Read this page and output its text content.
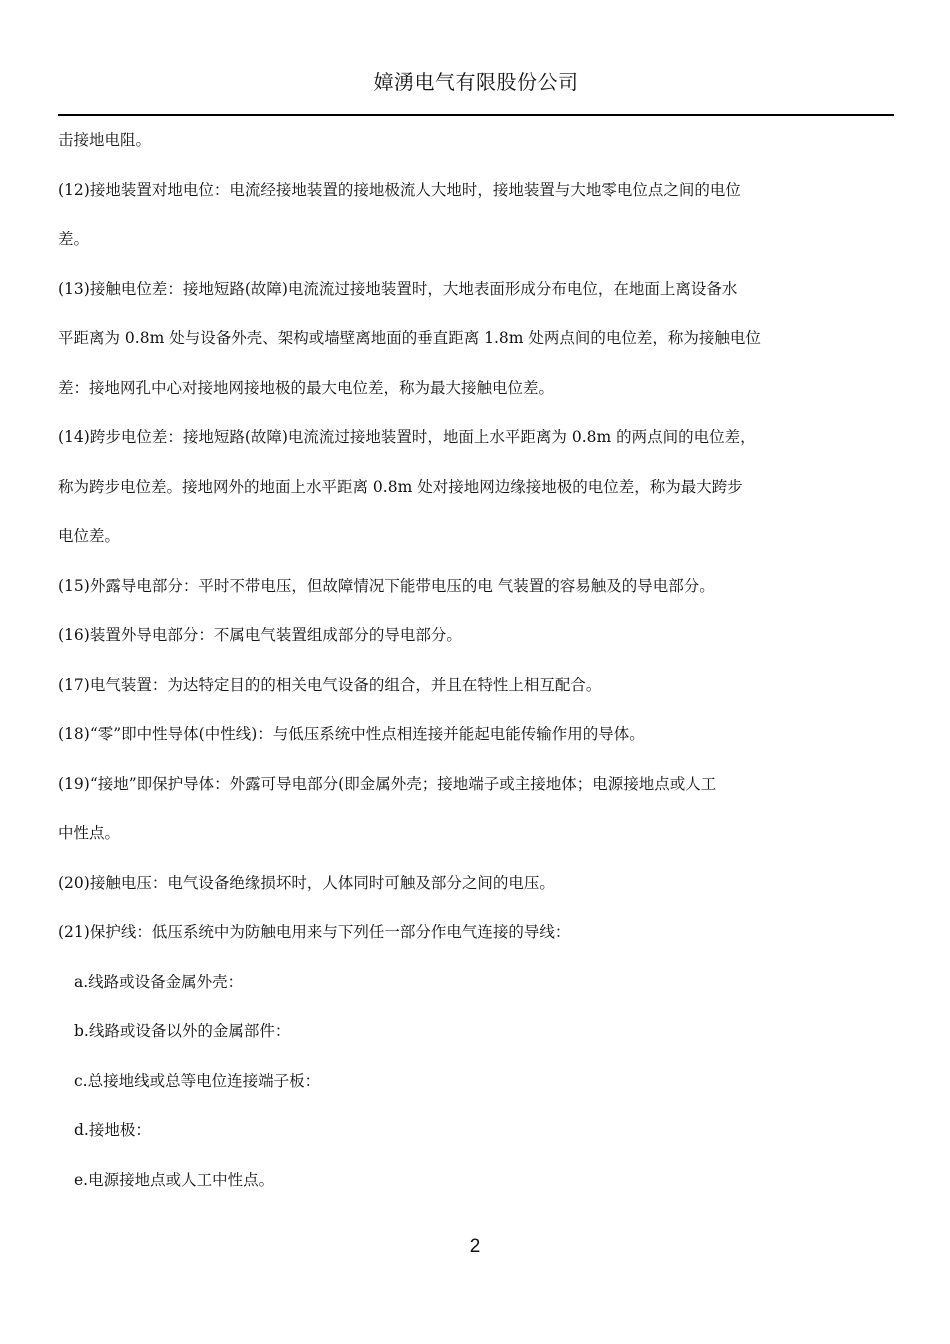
嫜湧电气有限股份公司
击接地电阻。
(12)接地装置对地电位：电流经接地装置的接地极流人大地时，接地装置与大地零电位点之间的电位
差。
(13)接触电位差：接地短路(故障)电流流过接地装置时，大地表面形成分布电位，在地面上离设备水
平距离为 0.8m 处与设备外壳、架构或墙壁离地面的垂直距离 1.8m 处两点间的电位差，称为接触电位
差：接地网孔中心对接地网接地极的最大电位差，称为最大接触电位差。
(14)跨步电位差：接地短路(故障)电流流过接地装置时，地面上水平距离为 0.8m 的两点间的电位差，
称为跨步电位差。接地网外的地面上水平距离 0.8m 处对接地网边缘接地极的电位差，称为最大跨步
电位差。
(15)外露导电部分：平时不带电压，但故障情况下能带电压的电 气装置的容易触及的导电部分。
(16)装置外导电部分：不属电气装置组成部分的导电部分。
(17)电气装置：为达特定目的的相关电气设备的组合，并且在特性上相互配合。
(18)“零”即中性导体(中性线)：与低压系统中性点相连接并能起电能传输作用的导体。
(19)“接地”即保护导体：外露可导电部分(即金属外壳；接地端子或主接地体；电源接地点或人工
中性点。
(20)接触电压：电气设备绝缘损坏时，人体同时可触及部分之间的电压。
(21)保护线：低压系统中为防触电用来与下列任一部分作电气连接的导线：
a.线路或设备金属外壳：
b.线路或设备以外的金属部件：
c.总接地线或总等电位连接端子板：
d.接地极：
e.电源接地点或人工中性点。
2
